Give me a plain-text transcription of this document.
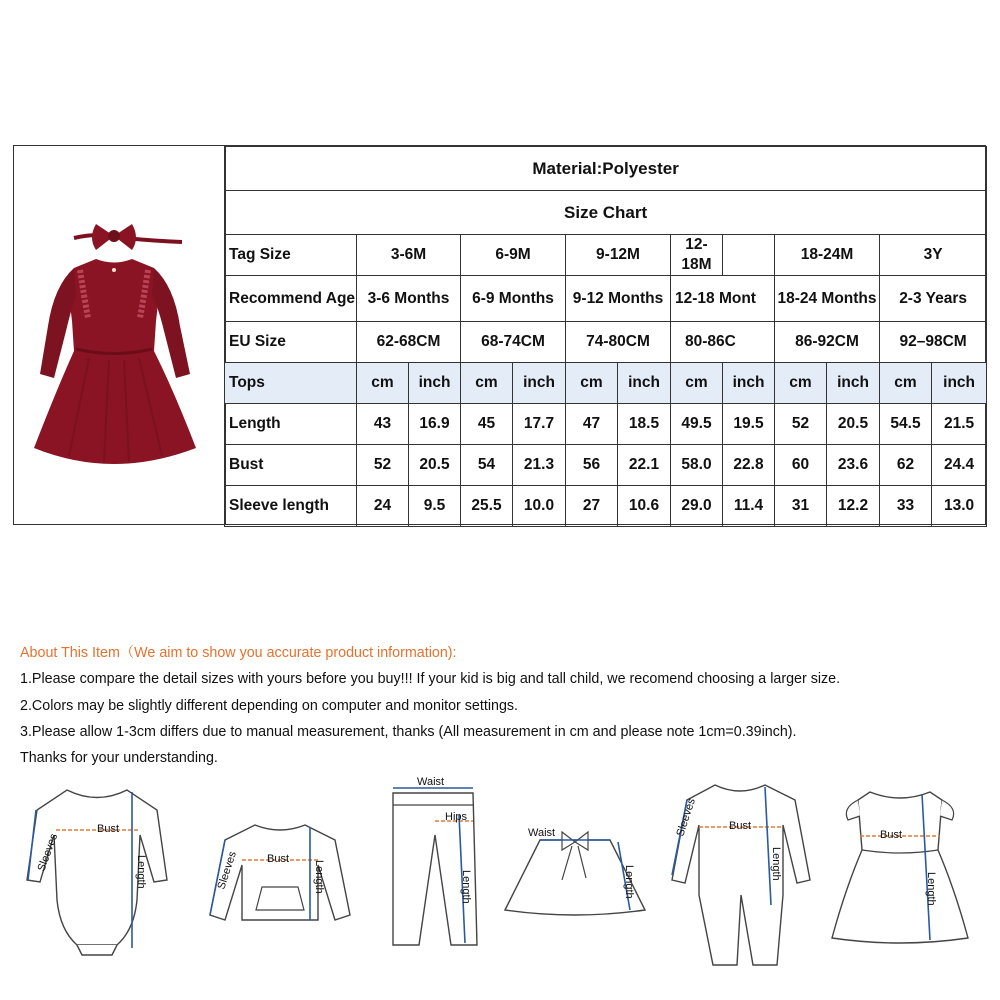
Material:Polyester												
Size Chart												
Tag Size	3-6M		6-9M		9-12M		12-18M		18-24M		3Y	
Recommend Age	3-6 Months		6-9 Months		9-12 Months		12-18 Mont		18-24 Months		2-3 Years	
EU Size	62-68CM		68-74CM		74-80CM		80-86C		86-92CM		92–98CM	
Tops	cm	inch	cm	inch	cm	inch	cm	inch	cm	inch	cm	inch
Length	43	16.9	45	17.7	47	18.5	49.5	19.5	52	20.5	54.5	21.5
Bust	52	20.5	54	21.3	56	22.1	58.0	22.8	60	23.6	62	24.4
Sleeve length	24	9.5	25.5	10.0	27	10.6	29.0	11.4	31	12.2	33	13.0

About This Item（We aim to show you accurate product information):

1.Please compare the detail sizes with yours before you buy!!! If your kid is big and tall child, we recomend choosing a larger size.

2.Colors may be slightly different depending on computer and monitor settings.

3.Please allow 1-3cm differs due to manual measurement, thanks (All measurement in cm and please note 1cm=0.39inch).

Thanks for your understanding.

Bust
Sleeves	Length	Bust
Sleeves	Length
Waist
Hips
Length
Waist
Length
Bust
Sleeves
Length
Bust
Length
